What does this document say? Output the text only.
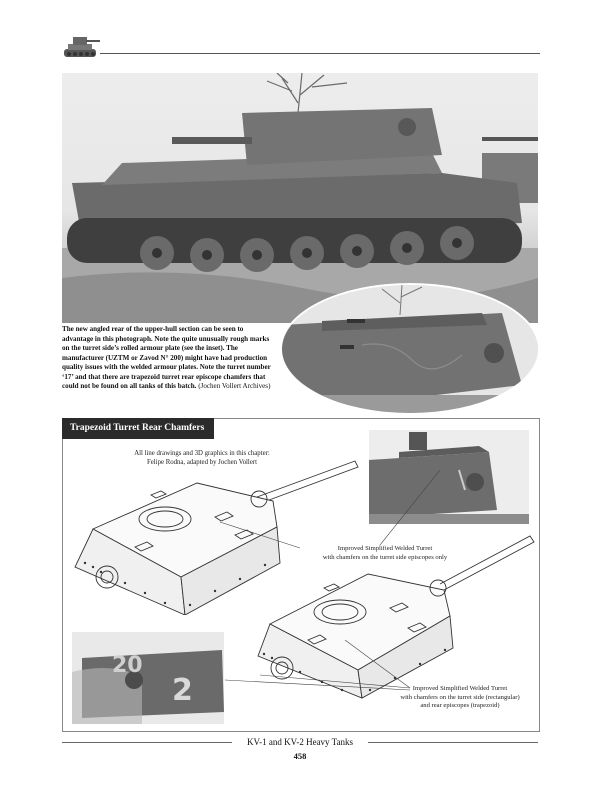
The new angled rear of the upper-hull section can be seen to advantage in this photograph. Note the quite unusually rough marks on the turret side’s rolled armour plate (see the inset). The manufacturer (UZTM or Zavod N° 200) might have had production quality issues with the welded armour plates. Note the turret number ‘17’ and that there are trapezoid turret rear episcope chamfers that could not be found on all tanks of this batch. (Jochen Vollert Archives)
Trapezoid Turret Rear Chamfers
All line drawings and 3D graphics in this chapter:
Felipe Rodna, adapted by Jochen Vollert
2
20
Improved Simplified Welded Turret
with chamfers on the turret side episcopes only
Improved Simplified Welded Turret
with chamfers on the turret side (rectangular)
and rear episcopes (trapezoid)
KV-1 and KV-2 Heavy Tanks
458
